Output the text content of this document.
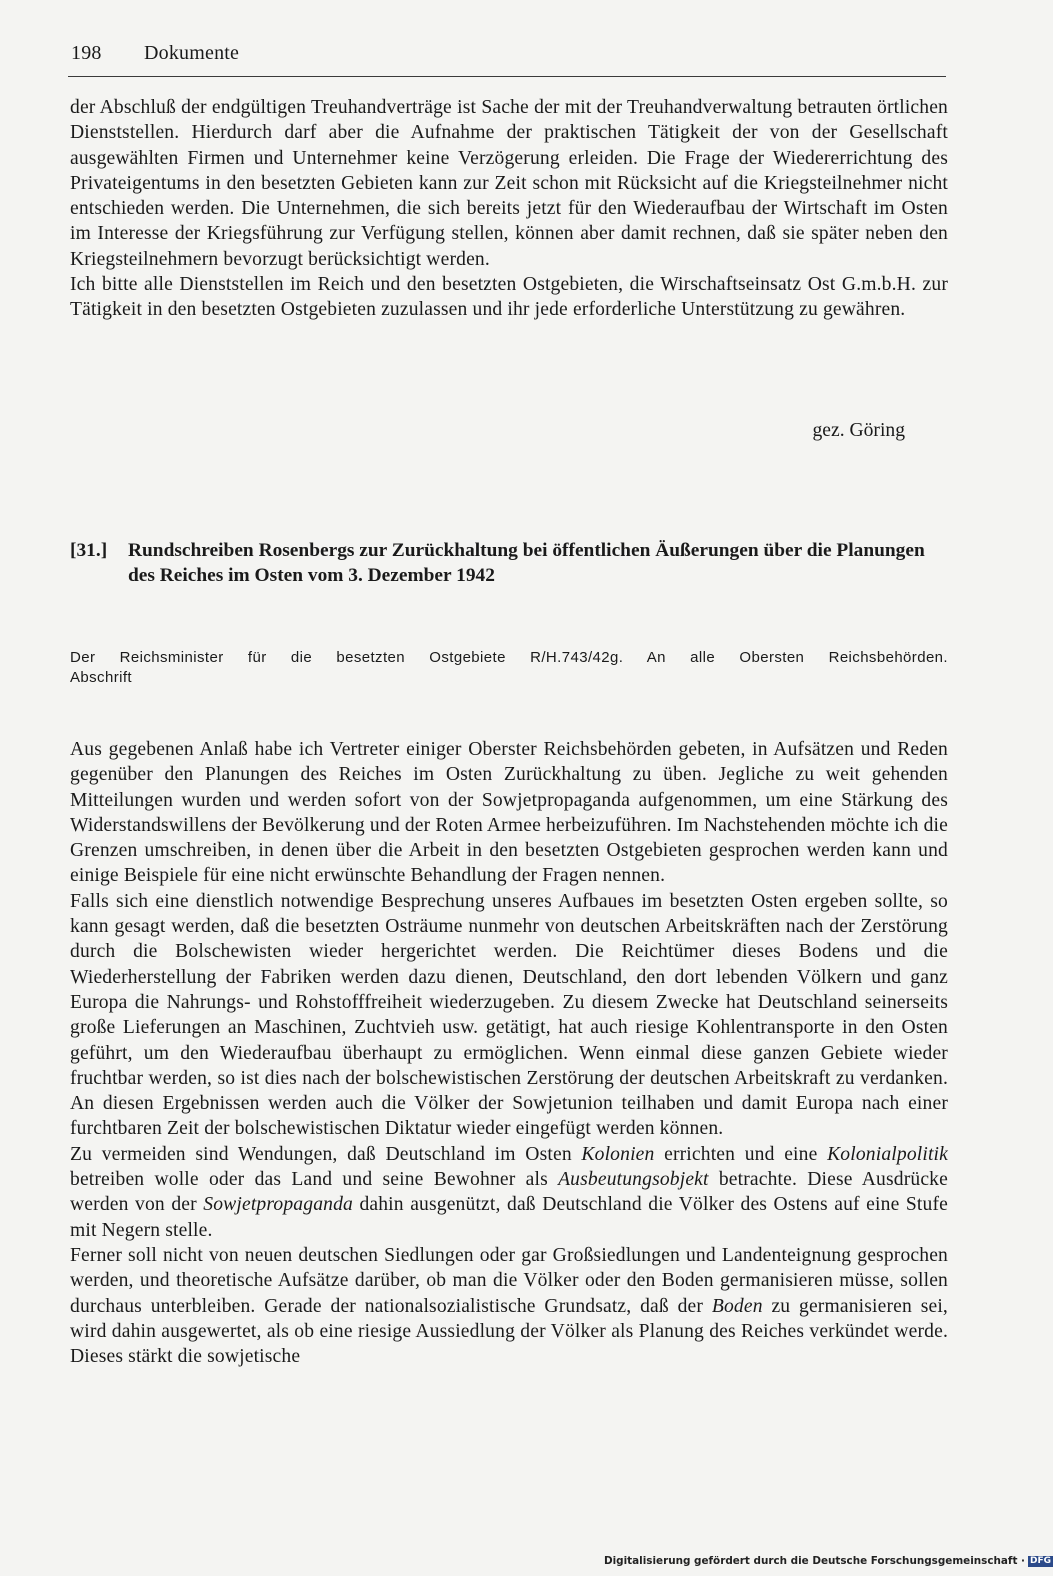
198 Dokumente

der Abschluß der endgültigen Treuhandverträge ist Sache der mit der Treuhandverwaltung betrauten örtlichen Dienststellen. Hierdurch darf aber die Aufnahme der praktischen Tätigkeit der von der Gesellschaft ausgewählten Firmen und Unternehmer keine Verzögerung erleiden. Die Frage der Wiedererrichtung des Privateigentums in den besetzten Gebieten kann zur Zeit schon mit Rücksicht auf die Kriegsteilnehmer nicht entschieden werden. Die Unternehmen, die sich bereits jetzt für den Wiederaufbau der Wirtschaft im Osten im Interesse der Kriegsführung zur Verfügung stellen, können aber damit rechnen, daß sie später neben den Kriegsteilnehmern bevorzugt berücksichtigt werden.

Ich bitte alle Dienststellen im Reich und den besetzten Ostgebieten, die Wirschaftseinsatz Ost G.m.b.H. zur Tätigkeit in den besetzten Ostgebieten zuzulassen und ihr jede erforderliche Unterstützung zu gewähren.

gez. Göring
[31.] Rundschreiben Rosenbergs zur Zurückhaltung bei öffentlichen Äußerungen über die Planungen des Reiches im Osten vom 3. Dezember 1942
Der Reichsminister für die besetzten Ostgebiete R/H.743/42g. An alle Obersten Reichsbehörden.
Abschrift

Aus gegebenen Anlaß habe ich Vertreter einiger Oberster Reichsbehörden gebeten, in Aufsätzen und Reden gegenüber den Planungen des Reiches im Osten Zurückhaltung zu üben. Jegliche zu weit gehenden Mitteilungen wurden und werden sofort von der Sowjetpropaganda aufgenommen, um eine Stärkung des Widerstandswillens der Bevölkerung und der Roten Armee herbeizuführen. Im Nachstehenden möchte ich die Grenzen umschreiben, in denen über die Arbeit in den besetzten Ostgebieten gesprochen werden kann und einige Beispiele für eine nicht erwünschte Behandlung der Fragen nennen.

Falls sich eine dienstlich notwendige Besprechung unseres Aufbaues im besetzten Osten ergeben sollte, so kann gesagt werden, daß die besetzten Osträume nunmehr von deutschen Arbeitskräften nach der Zerstörung durch die Bolschewisten wieder hergerichtet werden. Die Reichtümer dieses Bodens und die Wiederherstellung der Fabriken werden dazu dienen, Deutschland, den dort lebenden Völkern und ganz Europa die Nahrungs- und Rohstofffreiheit wiederzugeben. Zu diesem Zwecke hat Deutschland seinerseits große Lieferungen an Maschinen, Zuchtvieh usw. getätigt, hat auch riesige Kohlentransporte in den Osten geführt, um den Wiederaufbau überhaupt zu ermöglichen. Wenn einmal diese ganzen Gebiete wieder fruchtbar werden, so ist dies nach der bolschewistischen Zerstörung der deutschen Arbeitskraft zu verdanken. An diesen Ergebnissen werden auch die Völker der Sowjetunion teilhaben und damit Europa nach einer furchtbaren Zeit der bolschewistischen Diktatur wieder eingefügt werden können.

Zu vermeiden sind Wendungen, daß Deutschland im Osten Kolonien errichten und eine Kolonialpolitik betreiben wolle oder das Land und seine Bewohner als Ausbeutungsobjekt betrachte. Diese Ausdrücke werden von der Sowjetpropaganda dahin ausgenützt, daß Deutschland die Völker des Ostens auf eine Stufe mit Negern stelle.

Ferner soll nicht von neuen deutschen Siedlungen oder gar Großsiedlungen und Landenteignung gesprochen werden, und theoretische Aufsätze darüber, ob man die Völker oder den Boden germanisieren müsse, sollen durchaus unterbleiben. Gerade der nationalsozialistische Grundsatz, daß der Boden zu germanisieren sei, wird dahin ausgewertet, als ob eine riesige Aussiedlung der Völker als Planung des Reiches verkündet werde. Dieses stärkt die sowjetische

Digitalisierung gefördert durch die Deutsche Forschungsgemeinschaft · DFG
